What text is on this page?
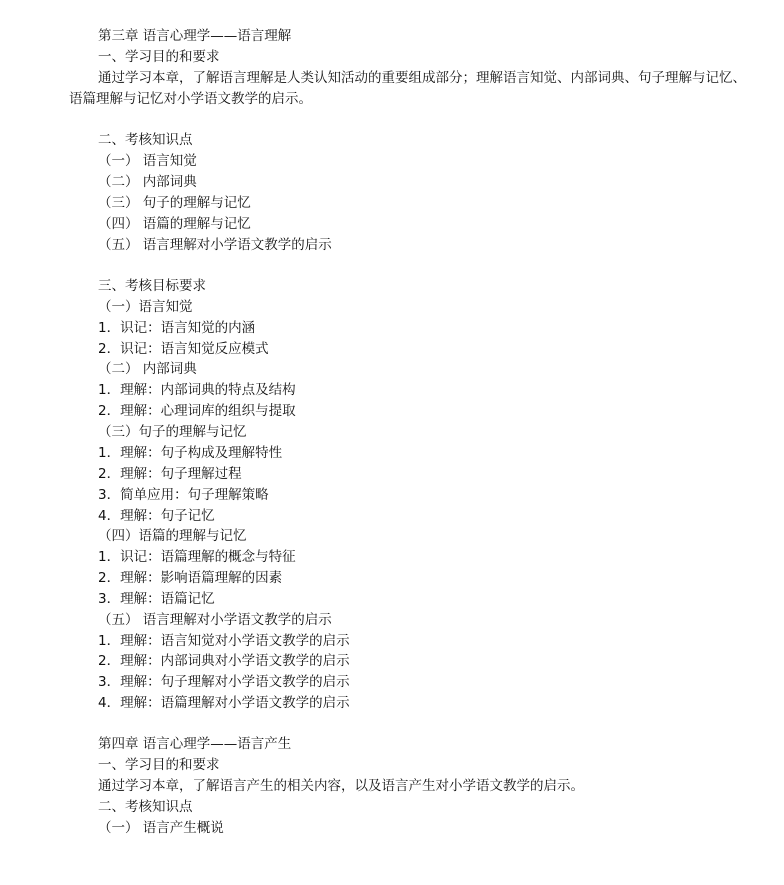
第三章 语言心理学——语言理解

一、学习目的和要求

通过学习本章，了解语言理解是人类认知活动的重要组成部分；理解语言知觉、内部词典、句子理解与记忆、

语篇理解与记忆对小学语文教学的启示。

二、考核知识点

（一） 语言知觉

（二） 内部词典

（三） 句子的理解与记忆

（四） 语篇的理解与记忆

（五） 语言理解对小学语文教学的启示

三、考核目标要求

（一）语言知觉

1．识记：语言知觉的内涵

2．识记：语言知觉反应模式

（二） 内部词典

1．理解：内部词典的特点及结构

2．理解：心理词库的组织与提取

（三）句子的理解与记忆

1．理解：句子构成及理解特性

2．理解：句子理解过程

3．简单应用：句子理解策略

4．理解：句子记忆

（四）语篇的理解与记忆

1．识记：语篇理解的概念与特征

2．理解：影响语篇理解的因素

3．理解：语篇记忆

（五） 语言理解对小学语文教学的启示

1．理解：语言知觉对小学语文教学的启示

2．理解：内部词典对小学语文教学的启示

3．理解：句子理解对小学语文教学的启示

4．理解：语篇理解对小学语文教学的启示

第四章 语言心理学——语言产生

一、学习目的和要求

通过学习本章，了解语言产生的相关内容，以及语言产生对小学语文教学的启示。

二、考核知识点

（一） 语言产生概说
